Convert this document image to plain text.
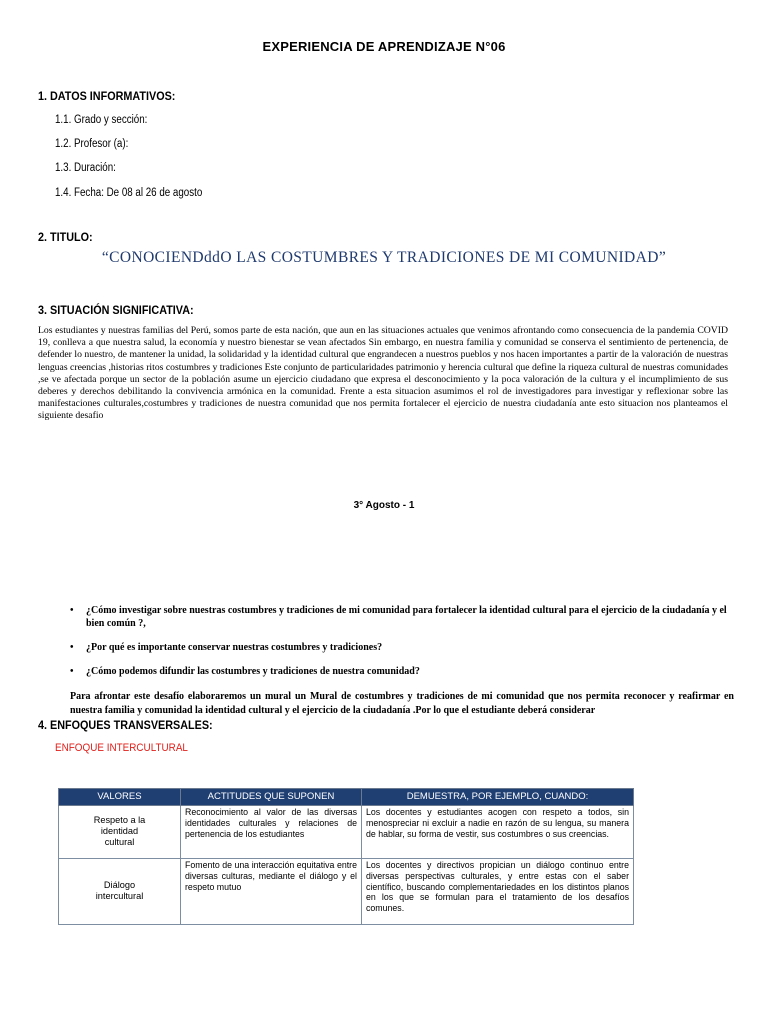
EXPERIENCIA DE APRENDIZAJE N°06
1. DATOS INFORMATIVOS:
1.1. Grado y sección:
1.2. Profesor (a):
1.3. Duración:
1.4. Fecha: De 08 al 26 de agosto
2. TITULO:
“CONOCIENDddO LAS COSTUMBRES Y TRADICIONES DE MI COMUNIDAD”
3. SITUACIÓN SIGNIFICATIVA:
Los estudiantes y nuestras familias del Perú, somos parte de esta nación, que aun en las situaciones actuales que venimos afrontando como consecuencia de la pandemia COVID 19, conlleva a que nuestra salud, la economía y nuestro bienestar se vean afectados Sin embargo, en nuestra familia y comunidad se conserva el sentimiento de pertenencia, de defender lo nuestro, de mantener la unidad, la solidaridad y la identidad cultural que engrandecen a nuestros pueblos y nos hacen importantes a partir de la valoración de nuestras lenguas creencias ,historias ritos costumbres y tradiciones Este conjunto de particularidades patrimonio y herencia cultural que define la riqueza cultural de nuestras comunidades ,se ve afectada porque un sector de la población asume un ejercicio ciudadano que expresa el desconocimiento y la poca valoración de la cultura y el incumplimiento de sus deberes y derechos debilitando la convivencia armónica en la comunidad. Frente a esta situacion asumimos el rol de investigadores para investigar y reflexionar sobre las manifestaciones culturales,costumbres y tradiciones de nuestra comunidad que nos permita fortalecer el ejercicio de nuestra ciudadanía ante esto situacion nos planteamos el siguiente desafio
3° Agosto - 1
• ¿Cómo investigar sobre nuestras costumbres y tradiciones de mi comunidad para fortalecer la identidad cultural para el ejercicio de la ciudadanía y el bien común ?,
• ¿Por qué es importante conservar nuestras costumbres y tradiciones?
• ¿Cómo podemos difundir las costumbres y tradiciones de nuestra comunidad?
Para afrontar este desafío elaboraremos un mural un Mural de costumbres y tradiciones de mi comunidad que nos permita reconocer y reafirmar en nuestra familia y comunidad la identidad cultural y el ejercicio de la ciudadanía .Por lo que el estudiante deberá considerar
4. ENFOQUES TRANSVERSALES:
ENFOQUE INTERCULTURAL
VALORES	ACTITUDES QUE SUPONEN	DEMUESTRA, POR EJEMPLO, CUANDO:
Respeto a la identidad cultural	Reconocimiento al valor de las diversas identidades culturales y relaciones de pertenencia de los estudiantes	Los docentes y estudiantes acogen con respeto a todos, sin menospreciar ni excluir a nadie en razón de su lengua, su manera de hablar, su forma de vestir, sus costumbres o sus creencias.
Diálogo intercultural	Fomento de una interacción equitativa entre diversas culturas, mediante el diálogo y el respeto mutuo	Los docentes y directivos propician un diálogo continuo entre diversas perspectivas culturales, y entre estas con el saber científico, buscando complementariedades en los distintos planos en los que se formulan para el tratamiento de los desafíos comunes.
